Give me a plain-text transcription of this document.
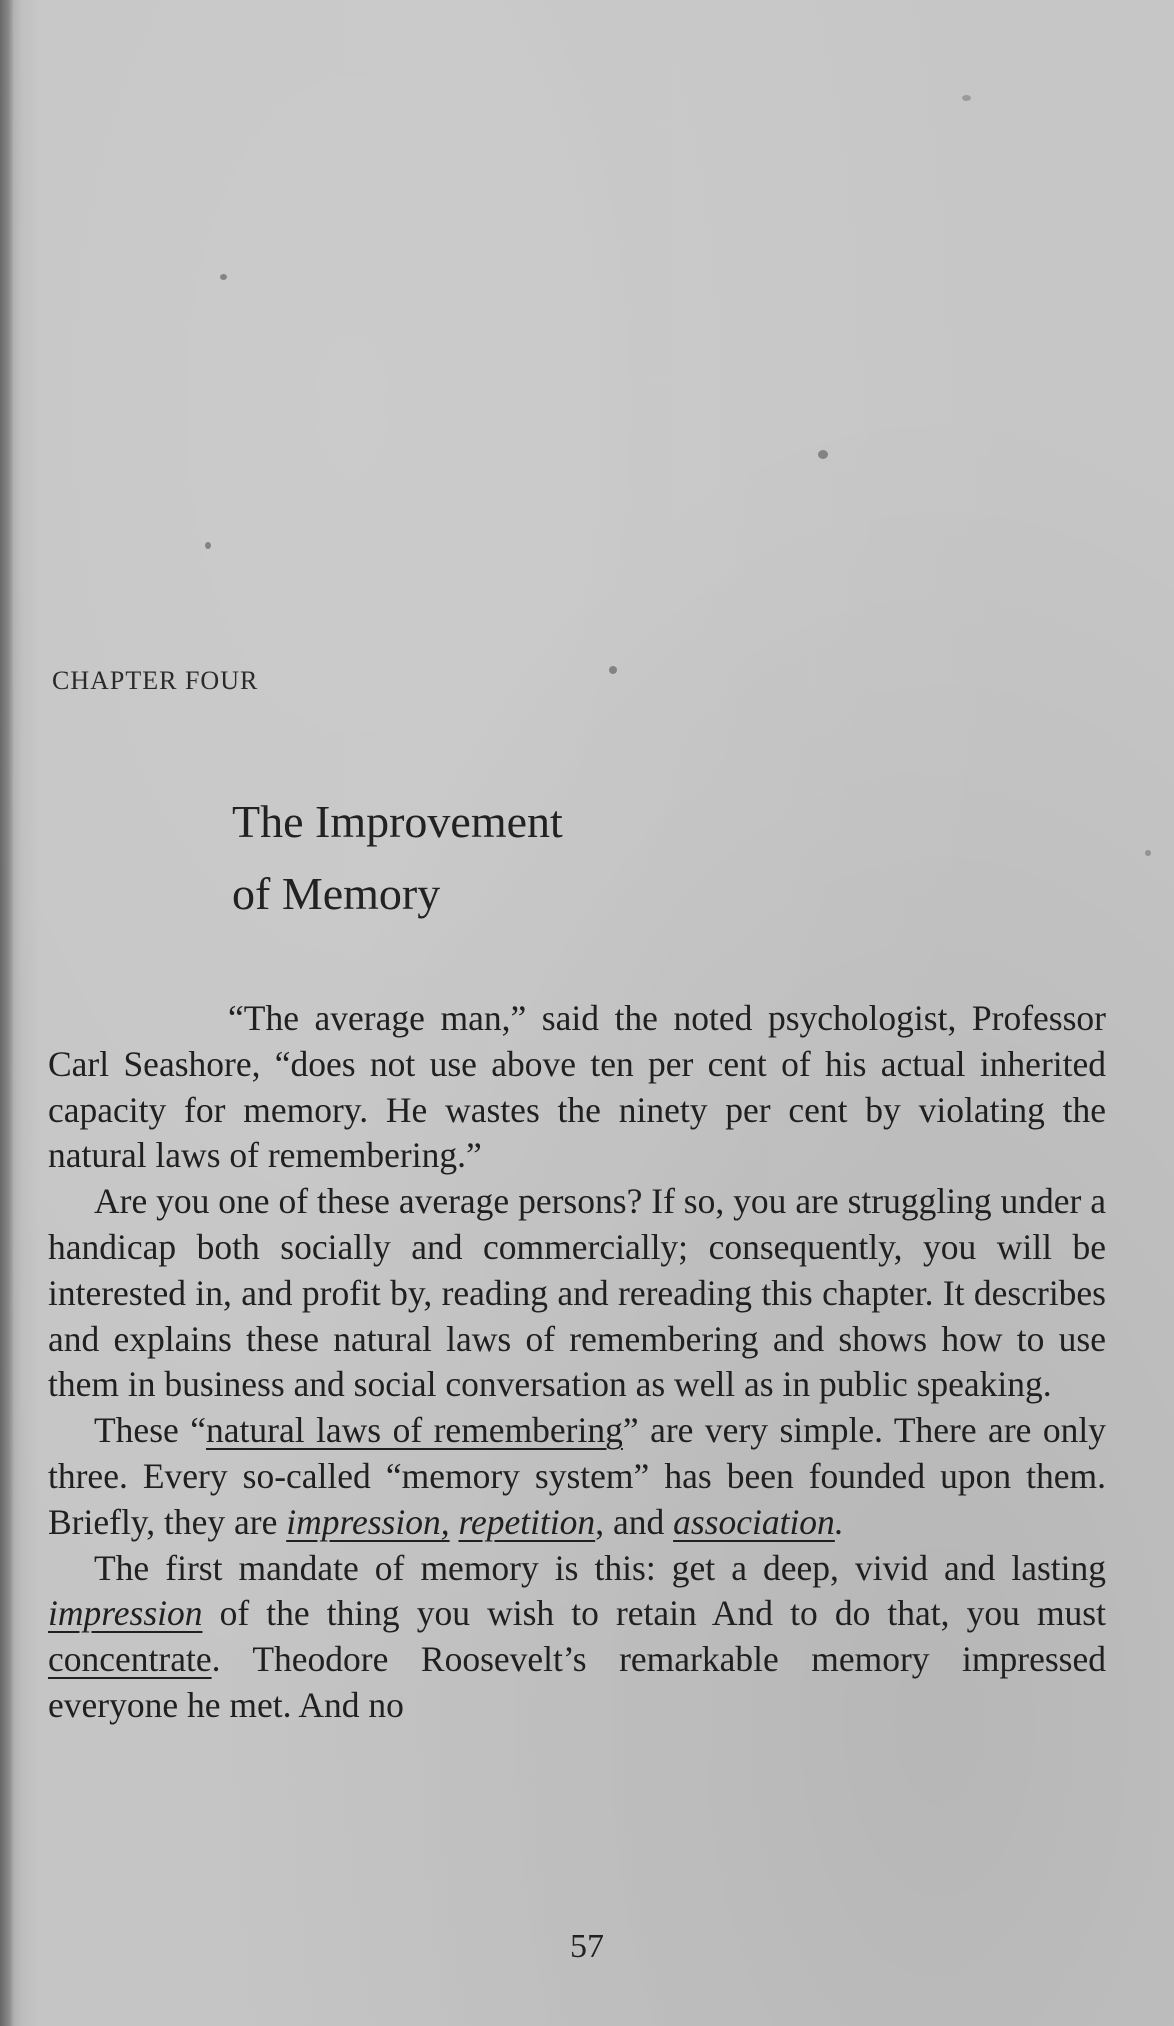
CHAPTER FOUR
The Improvement
of Memory

“The average man,” said the noted psychologist, Professor Carl Seashore, “does not use above ten per cent of his actual inherited capacity for memory. He wastes the ninety per cent by violating the natural laws of remembering.”

Are you one of these average persons? If so, you are struggling under a handicap both socially and commercially; consequently, you will be interested in, and profit by, reading and rereading this chapter. It describes and explains these natural laws of remembering and shows how to use them in business and social conversation as well as in public speaking.

These “natural laws of remembering” are very simple. There are only three. Every so-called “memory system” has been founded upon them. Briefly, they are impression, repetition, and association.

The first mandate of memory is this: get a deep, vivid and lasting impression of the thing you wish to retain And to do that, you must concentrate. Theodore Roosevelt’s remarkable memory impressed everyone he met. And no

57
